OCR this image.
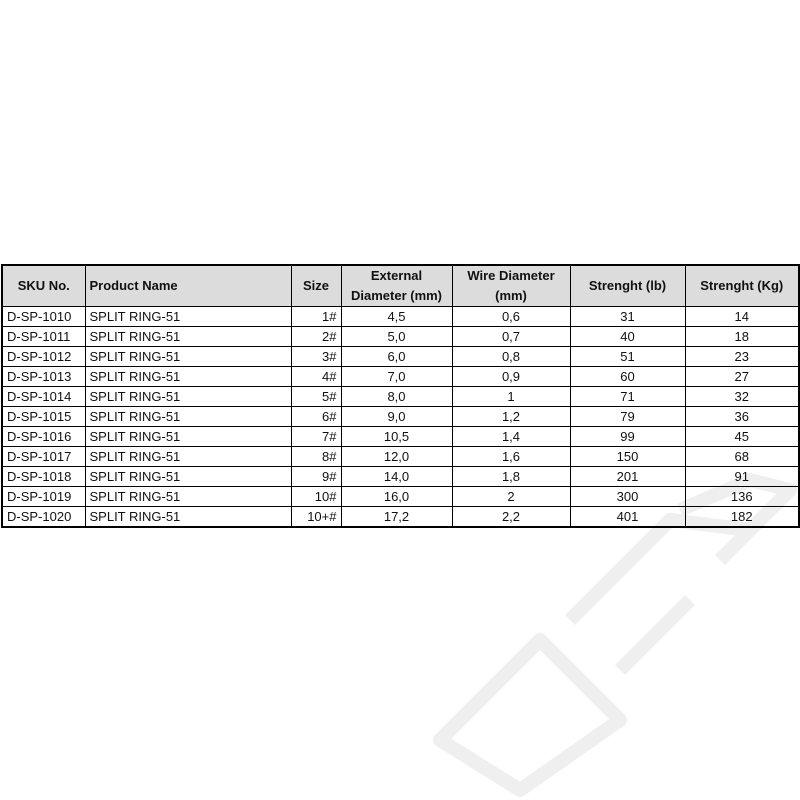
SKU No.	Product Name	Size	External Diameter (mm)	Wire Diameter (mm)	Strenght (lb)	Strenght (Kg)
D-SP-1010	SPLIT RING-51	1#	4,5	0,6	31	14
D-SP-1011	SPLIT RING-51	2#	5,0	0,7	40	18
D-SP-1012	SPLIT RING-51	3#	6,0	0,8	51	23
D-SP-1013	SPLIT RING-51	4#	7,0	0,9	60	27
D-SP-1014	SPLIT RING-51	5#	8,0	1	71	32
D-SP-1015	SPLIT RING-51	6#	9,0	1,2	79	36
D-SP-1016	SPLIT RING-51	7#	10,5	1,4	99	45
D-SP-1017	SPLIT RING-51	8#	12,0	1,6	150	68
D-SP-1018	SPLIT RING-51	9#	14,0	1,8	201	91
D-SP-1019	SPLIT RING-51	10#	16,0	2	300	136
D-SP-1020	SPLIT RING-51	10+#	17,2	2,2	401	182
